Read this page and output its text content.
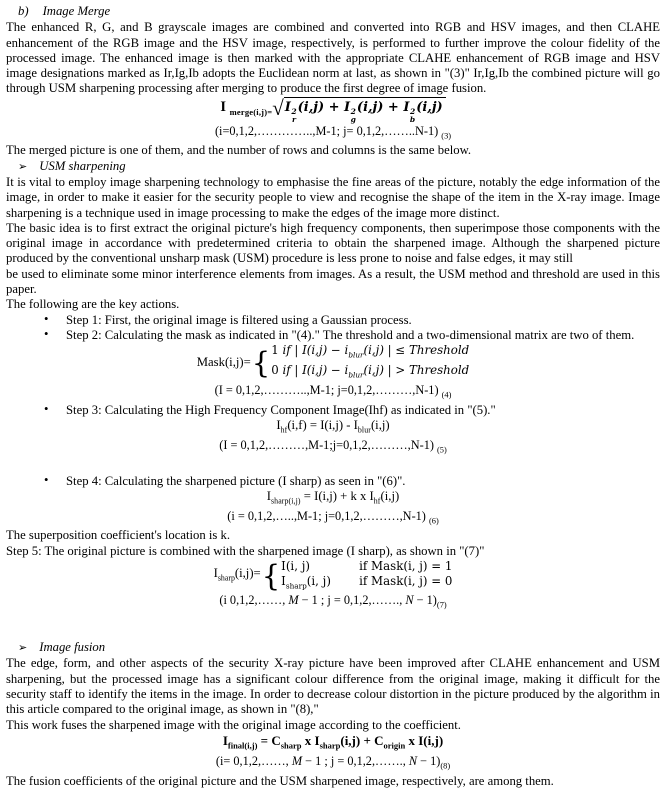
b) Image Merge

The enhanced R, G, and B grayscale images are combined and converted into RGB and HSV images, and then CLAHE enhancement of the RGB image and the HSV image, respectively, is performed to further improve the colour fidelity of the processed image. The enhanced image is then marked with the appropriate CLAHE enhancement of RGB image and HSV image designations marked as Ir,Ig,Ib adopts the Euclidean norm at last, as shown in "(3)" Ir,Ig,Ib the combined picture will go through USM sharpening processing after merging to produce the first degree of image fusion.

I $_{merge(i,j)=}$ √ I 2
r
(i,j) + I 2
g
(i,j) + I 2
b
(i,j)
(i=0,1,2,…………..,M-1; j= 0,1,2,……..N-1) $_{(3)}$
The merged picture is one of them, and the number of rows and columns is the same below.
➢ USM sharpening

It is vital to employ image sharpening technology to emphasise the fine areas of the picture, notably the edge information of the image, in order to make it easier for the security people to view and recognise the shape of the item in the X-ray image. Image sharpening is a technique used in image processing to make the edges of the image more distinct.

The basic idea is to first extract the original picture's high frequency components, then superimpose those components with the original image in accordance with predetermined criteria to obtain the sharpened image. Although the sharpened picture produced by the conventional unsharp mask (USM) procedure is less prone to noise and false edges, it may still

be used to eliminate some minor interference elements from images. As a result, the USM method and threshold are used in this paper.

The following are the key actions.

• Step 1: First, the original image is filtered using a Gaussian process.
• Step 2: Calculating the mask as indicated in "(4)." The threshold and a two-dimensional matrix are two of them.
Mask(i,j)= { 1 if | $I(i,j) - i_{blur}(i,j)$ | ≤ Threshold
0 if | $I(i,j) - i_{blur}(i,j)$ | > Threshold
(I = 0,1,2,………..,M-1; j=0,1,2,………,N-1) $_{(4)}$
• Step 3: Calculating the High Frequency Component Image(Ihf) as indicated in "(5)."
$I_{hf}(i,f) = I(i,j) - I_{blur}(i,j)$
(I = 0,1,2,………,M-1;j=0,1,2,………,N-1) $_{(5)}$
• Step 4: Calculating the sharpened picture (I sharp) as seen in "(6)".
$I_{sharp(i,j)} = I(i,j) + k$ x $I_{hf}(i,j)$
(i = 0,1,2,…..,M-1; j=0,1,2,………,N-1) $_{(6)}$
The superposition coefficient's location is k.
Step 5: The original picture is combined with the sharpened image (I sharp), as shown in "(7)"
$I_{sharp}(i,j)=$ { I(i, j)	if Mask(i, j) = 1
$I_{sharp}(i$, j)	if Mask(i, j) = 0
(i 0,1,2,……, M − 1 ; j = 0,1,2,……., $N - 1)_{(7)}$
➢ Image fusion

The edge, form, and other aspects of the security X-ray picture have been improved after CLAHE enhancement and USM sharpening, but the processed image has a significant colour difference from the original image, making it difficult for the security staff to identify the items in the image. In order to decrease colour distortion in the picture produced by the algorithm in this article compared to the original image, as shown in "(8),"

This work fuses the sharpened image with the original image according to the coefficient.

$I_{final(i,j)} = C_{sharp}$ x $I_{sharp}(i,j) + C_{origin}$ x I(i,j)
(i= 0,1,2,……, M − 1 ; j = 0,1,2,……., $N - 1)_{(8)}$
The fusion coefficients of the original picture and the USM sharpened image, respectively, are among them.
